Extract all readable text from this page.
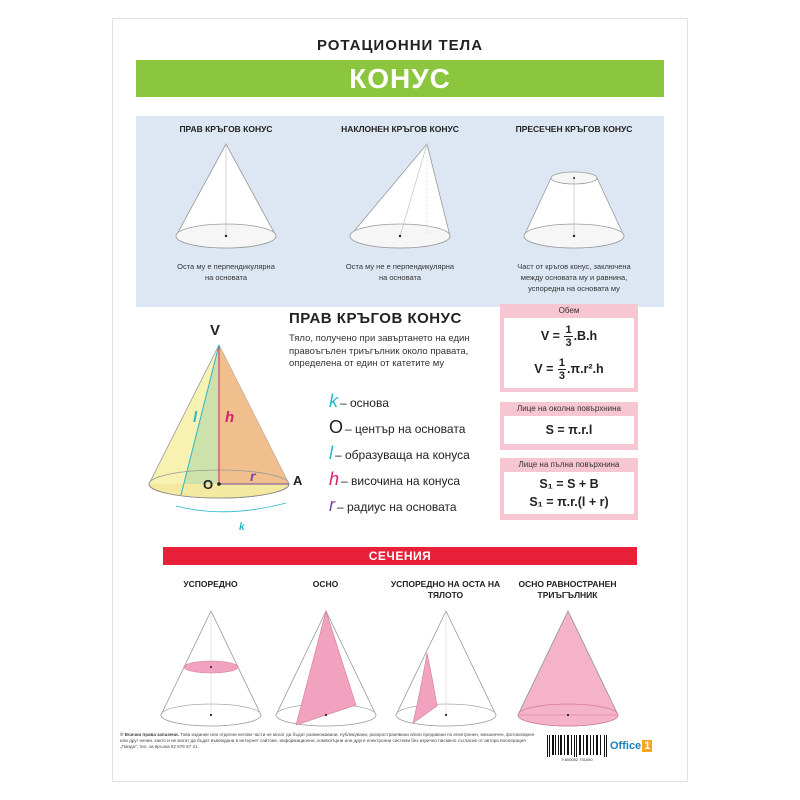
РОТАЦИОННИ ТЕЛА
КОНУС
ПРАВ КРЪГОВ КОНУС
Оста му е перпендикулярна
на основата
НАКЛОНЕН КРЪГОВ КОНУС
Оста му не е перпендикулярна
на основата
ПРЕСЕЧЕН КРЪГОВ КОНУС
Част от кръгов конус, заключена
между основата му и равнина,
успоредна на основата му
V
A
O
l h
r
k
ПРАВ КРЪГОВ КОНУС
Тяло, получено при завъртането на един правоъгълен триъгълник около правата, определена от един от катетите му
k – основа
O – център на основата
l – образуваща на конуса
h – височина на конуса
r – радиус на основата
Обем
$V = \frac{1}{3} .B.h$
$V = \frac{1}{3} .\pi.r^2.h$
Лице на околна повърхнина
S = π.r.l
Лице на пълна повърхнина
S₁ = S + B
S₁ = π.r.(l + r)
СЕЧЕНИЯ
УСПОРЕДНО	ОСНО	УСПОРЕДНО НА ОСТА НА ТЯЛОТО
ОСНО РАВНОСТРАНЕН ТРИЪГЪЛНИК
© Всички права запазени. Това издание или отделни негови части не могат да бъдат размножавани, публикувани, разпространявани и/или предавани по електронен, механичен, фотокопирен или друг начин, както и не могат да бъдат въвеждани в интернет сайтове, информационни, компютърни или други електронни системи без изрично писмено съгласие от автора Кооперация „Панда“, тел. за връзка 02 976 67 21.
9 800052 751650
Office 1
